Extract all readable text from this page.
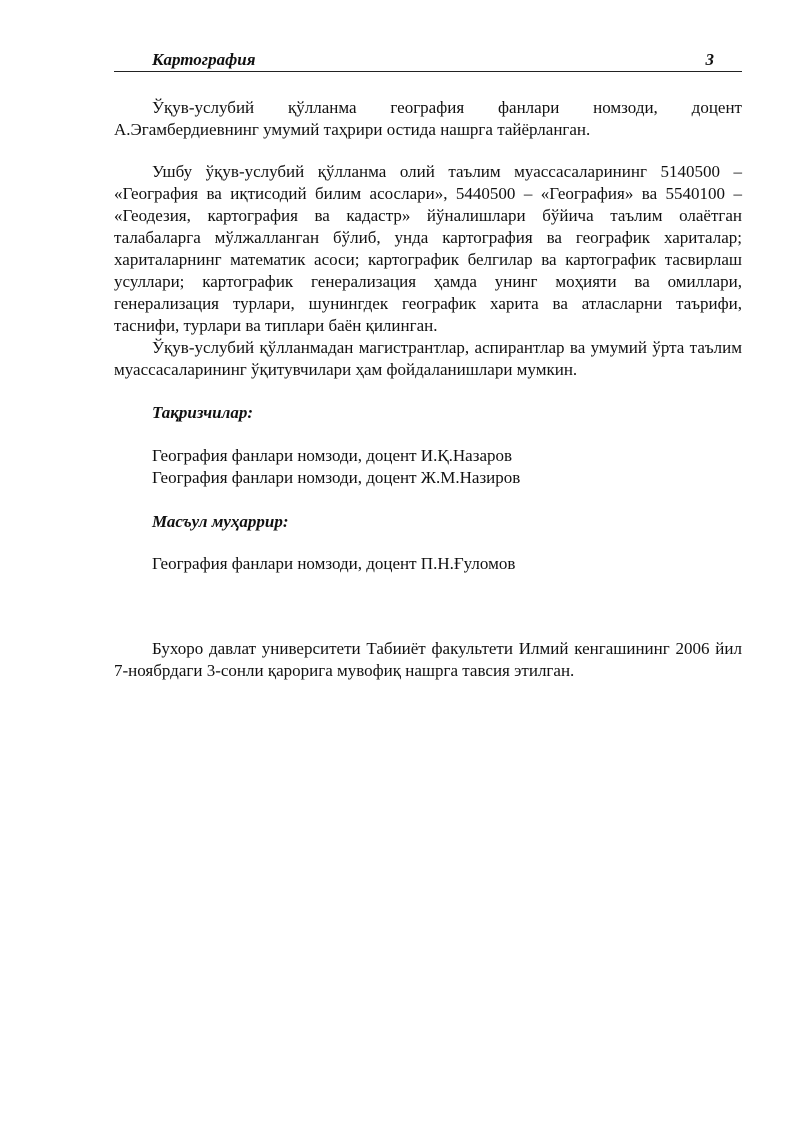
Картография	3

Ўқув-услубий қўлланма география фанлари номзоди, доцент А.Эгамбердиевнинг умумий таҳрири остида нашрга тайёрланган.

Ушбу ўқув-услубий қўлланма олий таълим муассасаларининг 5140500 – «География ва иқтисодий билим асослари», 5440500 – «География» ва 5540100 – «Геодезия, картография ва кадастр» йўналишлари бўйича таълим олаётган талабаларга мўлжалланган бўлиб, унда картография ва географик хариталар; хариталарнинг математик асоси; картографик белгилар ва картографик тасвирлаш усуллари; картографик генерализация ҳамда унинг моҳияти ва омиллари, генерализация турлари, шунингдек географик харита ва атласларни таърифи, таснифи, турлари ва типлари баён қилинган.

Ўқув-услубий қўлланмадан магистрантлар, аспирантлар ва умумий ўрта таълим муассасаларининг ўқитувчилари ҳам фойдаланишлари мумкин.

Тақризчилар:

География фанлари номзоди, доцент И.Қ.Назаров

География фанлари номзоди, доцент Ж.М.Назиров

Масъул муҳаррир:

География фанлари номзоди, доцент П.Н.Ғуломов

Бухоро давлат университети Табииёт факультети Илмий кенгашининг 2006 йил 7-ноябрдаги 3-сонли қарорига мувофиқ нашрга тавсия этилган.
